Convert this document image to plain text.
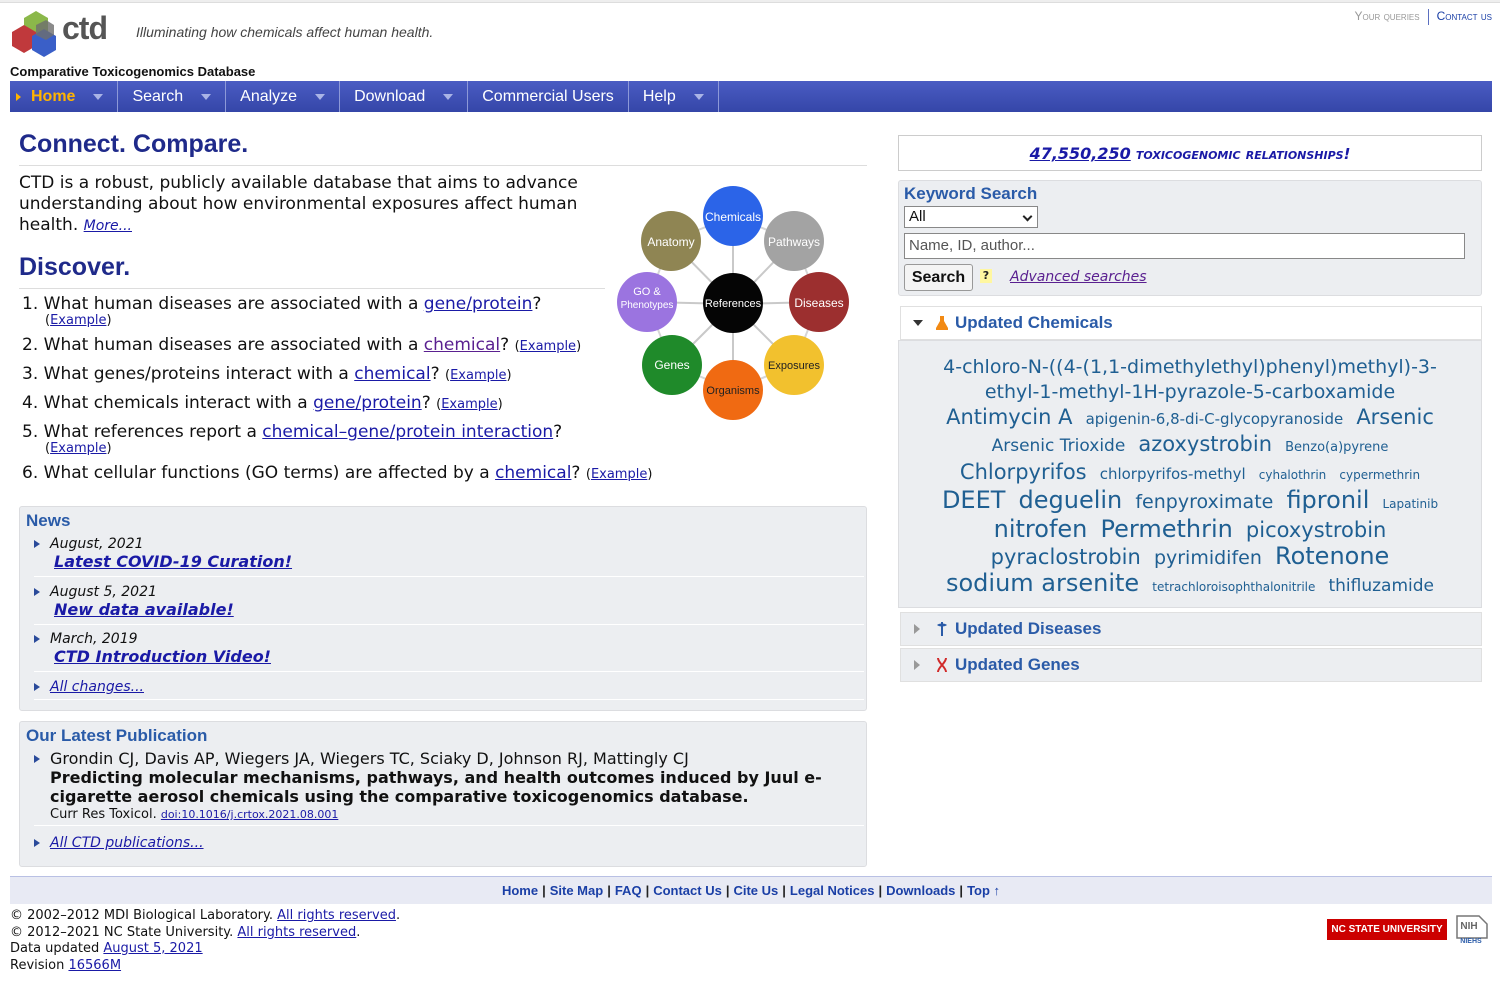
ctd Illuminating how chemicals affect human health.
Comparative Toxicogenomics Database
Your queries Contact us
Home	Search	Analyze	Download	Commercial Users Help
Connect. Compare.
CTD is a robust, publicly available database that aims to advance understanding about how environmental exposures affect human health. More...
Discover.
1. What human diseases are associated with a gene/protein?
(Example)
2. What human diseases are associated with a chemical? (Example)
3. What genes/proteins interact with a chemical? (Example)
4. What chemicals interact with a gene/protein? (Example)
5. What references report a chemical–gene/protein interaction?
(Example)
6. What cellular functions (GO terms) are affected by a chemical? (Example)
Chemicals
Pathways
Diseases
Exposures
Organisms
Genes
GO &
Phenotypes
Anatomy
References
News
August, 2021
Latest COVID-19 Curation!
August 5, 2021
New data available!
March, 2019
CTD Introduction Video!
All changes...
Our Latest Publication
Grondin CJ, Davis AP, Wiegers JA, Wiegers TC, Sciaky D, Johnson RJ, Mattingly CJ
Predicting molecular mechanisms, pathways, and health outcomes induced by Juul e-cigarette aerosol chemicals using the comparative toxicogenomics database.
Curr Res Toxicol. doi:10.1016/j.crtox.2021.08.001
All CTD publications...
47,550,250 toxicogenomic relationships!
Keyword Search
All
Name, ID, author...
Search	? Advanced searches
Updated Chemicals
4-chloro-N-((4-(1,1-dimethylethyl)phenyl)methyl)-3-ethyl-1-methyl-1H-pyrazole-5-carboxamide Antimycin A apigenin-6,8-di-C-glycopyranoside Arsenic Arsenic Trioxide azoxystrobin Benzo(a)pyrene Chlorpyrifos chlorpyrifos-methyl cyhalothrin cypermethrin DEET deguelin fenpyroximate fipronil Lapatinib nitrofen Permethrin picoxystrobin pyraclostrobin pyrimidifen Rotenone sodium arsenite tetrachloroisophthalonitrile thifluzamide
Updated Diseases
Updated Genes
Home | Site Map | FAQ | Contact Us | Cite Us | Legal Notices | Downloads | Top ↑
© 2002–2012 MDI Biological Laboratory. All rights reserved.
© 2012–2021 NC State University. All rights reserved.
Data updated August 5, 2021
Revision 16566M
NC STATE UNIVERSITY	NIH
NIEHS
